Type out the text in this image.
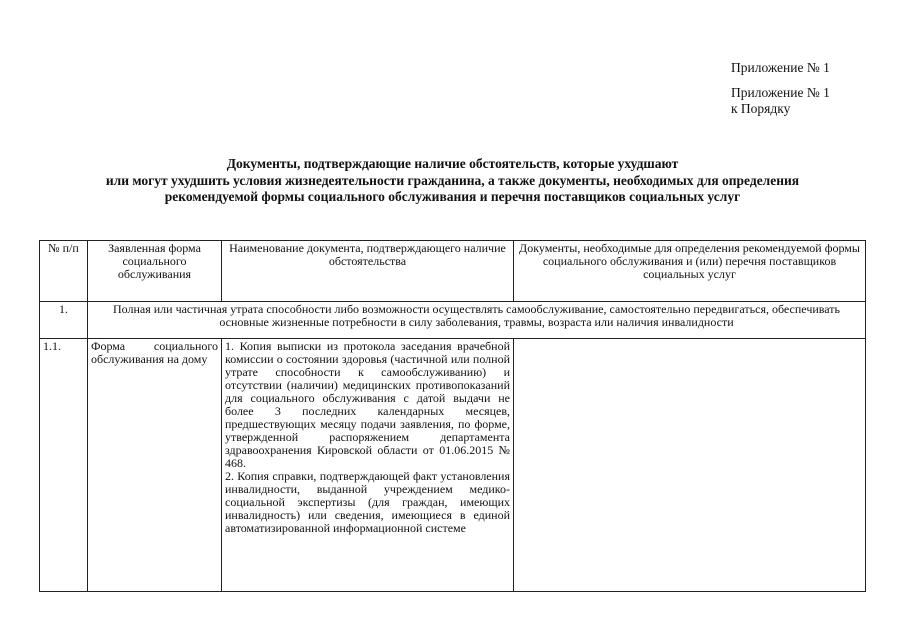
Приложение № 1
Приложение № 1
к Порядку
Документы, подтверждающие наличие обстоятельств, которые ухудшают
или могут ухудшить условия жизнедеятельности гражданина, а также документы, необходимых для определения
рекомендуемой формы социального обслуживания и перечня поставщиков социальных услуг
№ п/п	Заявленная форма социального обслуживания	Наименование документа, подтверждающего наличие обстоятельства	Документы, необходимые для определения рекомендуемой формы социального обслуживания и (или) перечня поставщиков социальных услуг
1.	Полная или частичная утрата способности либо возможности осуществлять самообслуживание, самостоятельно передвигаться, обеспечивать основные жизненные потребности в силу заболевания, травмы, возраста или наличия инвалидности		
1.1.	Форма социального обслуживания на дому	1. Копия выписки из протокола заседания врачебной комиссии о состоянии здоровья (частичной или полной утрате способности к самообслуживанию) и отсутствии (наличии) медицинских противопоказаний для социального обслуживания с датой выдачи не более 3 последних календарных месяцев, предшествующих месяцу подачи заявления, по форме, утвержденной распоряжением департамента здравоохранения Кировской области от 01.06.2015 № 468.

2. Копия справки, подтверждающей факт установления инвалидности, выданной учреждением медико-социальной экспертизы (для граждан, имеющих инвалидность) или сведения, имеющиеся в единой автоматизированной информационной системе	
